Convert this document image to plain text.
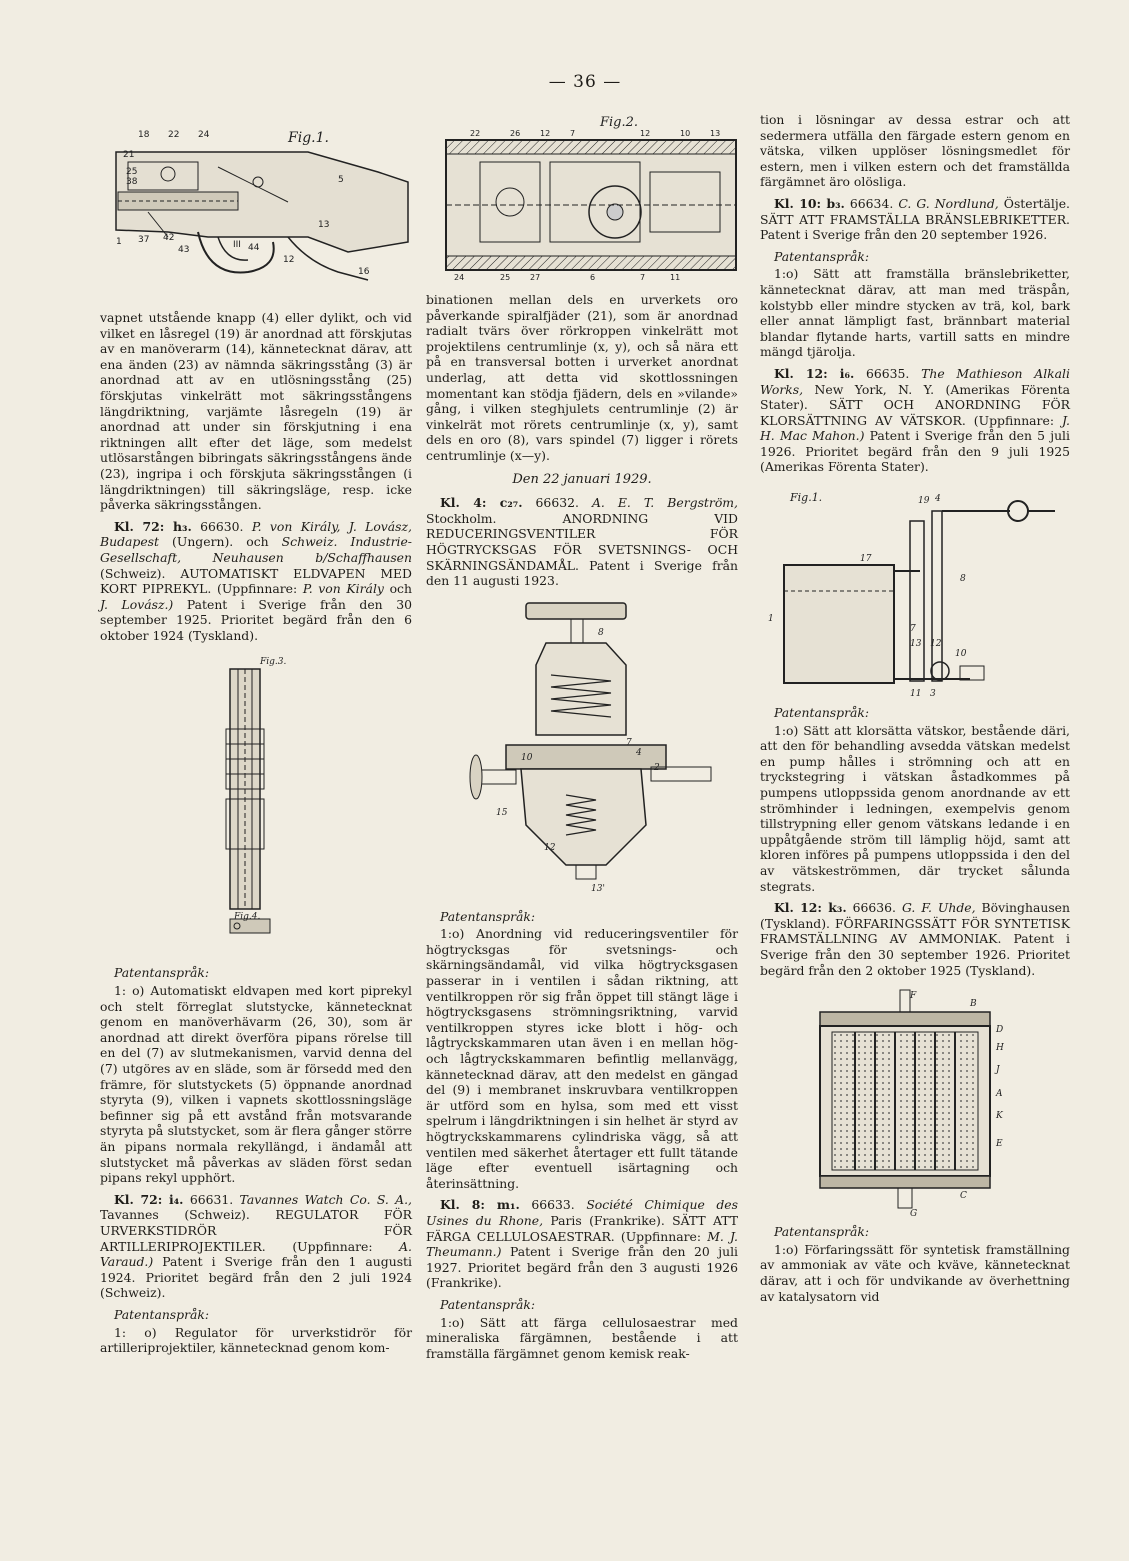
— 36 —
Fig.1.
1 37 42
43	III 44
12
16
18 22 24
21
25
38	5
13

vapnet utstående knapp (4) eller dylikt, och vid vilket en låsregel (19) är anordnad att förskjutas av en manöverarm (14), kännetecknat därav, att ena änden (23) av nämnda säkringsstång (3) är anordnad att av en utlösningsstång (25) förskjutas vinkelrätt mot säkringsstångens längdriktning, varjämte låsregeln (19) är anordnad att under sin förskjutning i ena riktningen allt efter det läge, som medelst utlösarstången bibringats säkringsstångens ände (23), ingripa i och förskjuta säkringsstången (i längdriktningen) till säkringsläge, resp. icke påverka säkringsstången.

Kl. 72: h₃. 66630. P. von Király, J. Lovász, Budapest (Ungern). och Schweiz. Industrie-Gesellschaft, Neuhausen b/Schaffhausen (Schweiz). AUTOMATISKT ELDVAPEN MED KORT PIPREKYL. (Uppfinnare: P. von Király och J. Lovász.) Patent i Sverige från den 30 september 1925. Prioritet begärd från den 6 oktober 1924 (Tyskland).

Fig.4.
Fig.3.
Patentanspråk:

1: o) Automatiskt eldvapen med kort piprekyl och stelt förreglat slutstycke, kännetecknat genom en manöverhävarm (26, 30), som är anordnad att direkt överföra pipans rörelse till en del (7) av slutmekanismen, varvid denna del (7) utgöres av en släde, som är försedd med den främre, för slutstyckets (5) öppnande anordnad styryta (9), vilken i vapnets skottlossningsläge befinner sig på ett avstånd från motsvarande styryta på slutstycket, som är flera gånger större än pipans normala rekyllängd, i ändamål att slutstycket må påverkas av släden först sedan pipans rekyl upphört.

Kl. 72: i₄. 66631. Tavannes Watch Co. S. A., Tavannes (Schweiz). REGULATOR FÖR URVERKSTIDRÖR FÖR ARTILLERIPROJEKTILER. (Uppfinnare: A. Varaud.) Patent i Sverige från den 1 augusti 1924. Prioritet begärd från den 2 juli 1924 (Schweiz).

Patentanspråk:

1: o) Regulator för urverkstidrör för artilleriprojektiler, kännetecknad genom kom-

Fig.2.
22	26 12 7	12	10 13
24	25 27	6	7	11

binationen mellan dels en urverkets oro påverkande spiralfjäder (21), som är anordnad radialt tvärs över rörkroppen vinkelrätt mot projektilens centrumlinje (x, y), och så nära ett på en transversal botten i urverket anordnat underlag, att detta vid skottlossningen momentant kan stödja fjädern, dels en »vilande» gång, i vilken steghjulets centrumlinje (2) är vinkelrät mot rörets centrumlinje (x, y), samt dels en oro (8), vars spindel (7) ligger i rörets centrumlinje (x—y).

Den 22 januari 1929.

Kl. 4: c₂₇. 66632. A. E. T. Bergström, Stockholm. ANORDNING VID REDUCERINGSVENTILER FÖR HÖGTRYCKSGAS FÖR SVETSNINGS- OCH SKÄRNINGSÄNDAMÅL. Patent i Sverige från den 11 augusti 1923.

8
7
4
2
10
15
12
13'
Patentanspråk:

1:o) Anordning vid reduceringsventiler för högtrycksgas för svetsnings- och skärningsändamål, vid vilka högtrycksgasen passerar in i ventilen i sådan riktning, att ventilkroppen rör sig från öppet till stängt läge i högtrycksgasens strömningsriktning, varvid ventilkroppen styres icke blott i hög- och lågtryckskammaren utan även i en mellan hög- och lågtryckskammaren befintlig mellanvägg, kännetecknad därav, att den medelst en gängad del (9) i membranet inskruvbara ventilkroppen är utförd som en hylsa, som med ett visst spelrum i längdriktningen i sin helhet är styrd av högtryckskammarens cylindriska vägg, så att ventilen med säkerhet återtager ett fullt tätande läge efter eventuell isärtagning och återinsättning.

Kl. 8: m₁. 66633. Société Chimique des Usines du Rhone, Paris (Frankrike). SÄTT ATT FÄRGA CELLULOSAESTRAR. (Uppfinnare: M. J. Theumann.) Patent i Sverige från den 20 juli 1927. Prioritet begärd från den 3 augusti 1926 (Frankrike).

Patentanspråk:

1:o) Sätt att färga cellulosaestrar med mineraliska färgämnen, bestående i att framställa färgämnet genom kemisk reak-

tion i lösningar av dessa estrar och att sedermera utfälla den färgade estern genom en vätska, vilken upplöser lösningsmedlet för estern, men i vilken estern och det framställda färgämnet äro olösliga.

Kl. 10: b₃. 66634. C. G. Nordlund, Östertälje. SÄTT ATT FRAMSTÄLLA BRÄNSLEBRIKETTER. Patent i Sverige från den 20 september 1926.

Patentanspråk:

1:o) Sätt att framställa bränslebriketter, kännetecknat därav, att man med träspån, kolstybb eller mindre stycken av trä, kol, bark eller annat lämpligt fast, brännbart material blandar flytande harts, vartill satts en mindre mängd tjärolja.

Kl. 12: i₆. 66635. The Mathieson Alkali Works, New York, N. Y. (Amerikas Förenta Stater). SÄTT OCH ANORDNING FÖR KLORSÄTTNING AV VÄTSKOR. (Uppfinnare: J. H. Mac Mahon.) Patent i Sverige från den 5 juli 1926. Prioritet begärd från den 9 juli 1925 (Amerikas Förenta Stater).

Fig.1.	19 4
8
1
7
13 12
10
11 3
17
Patentanspråk:

1:o) Sätt att klorsätta vätskor, bestående däri, att den för behandling avsedda vätskan medelst en pump hålles i strömning och att en tryckstegring i vätskan åstadkommes på pumpens utloppssida genom anordnande av ett strömhinder i ledningen, exempelvis genom tillstrypning eller genom vätskans ledande i en uppåtgående ström till lämplig höjd, samt att kloren införes på pumpens utloppssida i den del av vätskeströmmen, där trycket sålunda stegrats.

Kl. 12: k₃. 66636. G. F. Uhde, Bövinghausen (Tyskland). FÖRFARINGSSÄTT FÖR SYNTETISK FRAMSTÄLLNING AV AMMONIAK. Patent i Sverige från den 30 september 1926. Prioritet begärd från den 2 oktober 1925 (Tyskland).

F
B
D
H
J
A
K
E
C
G
Patentanspråk:

1:o) Förfaringssätt för syntetisk framställning av ammoniak av väte och kväve, kännetecknat därav, att i och för undvikande av överhettning av katalysatorn vid
